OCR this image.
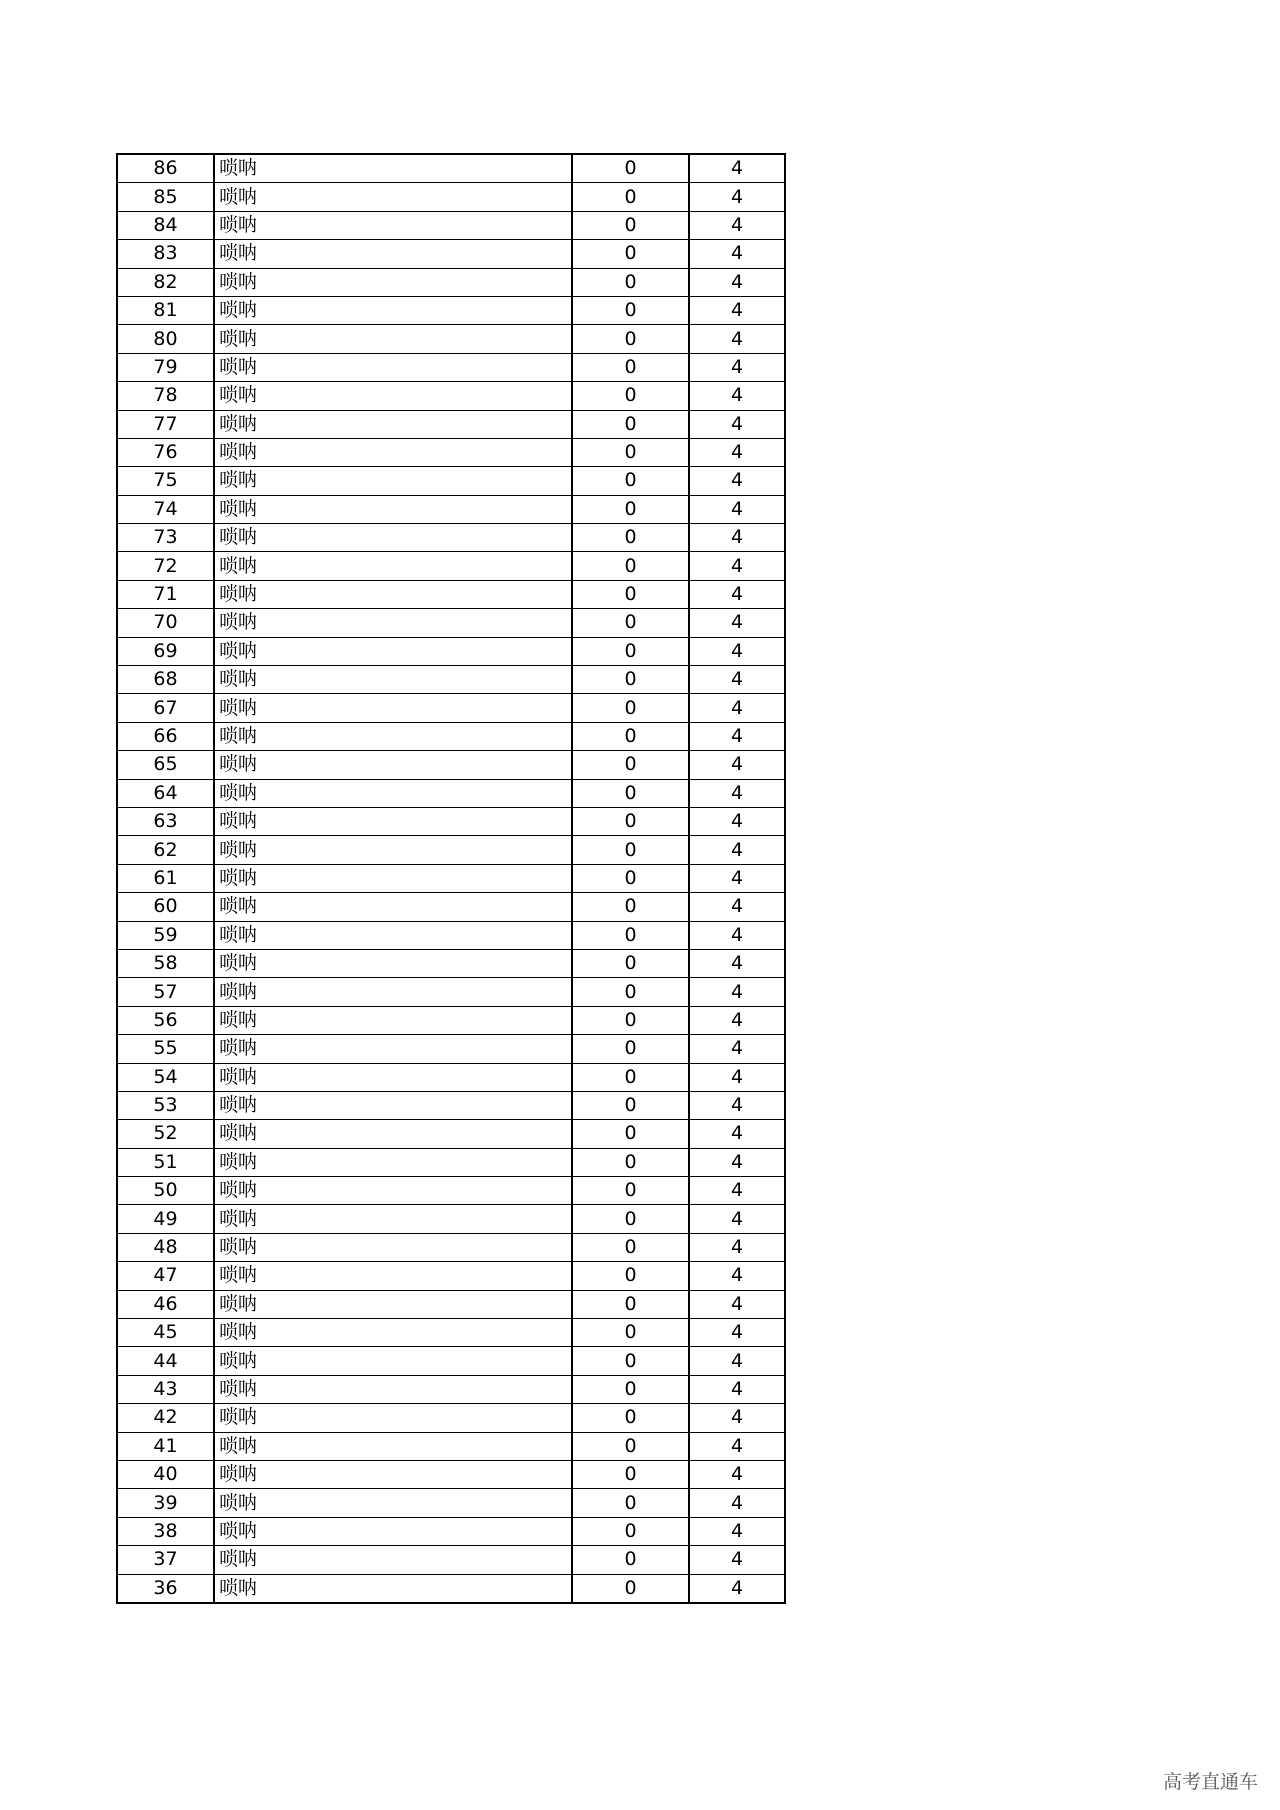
86	唢呐	0	4
85	唢呐	0	4
84	唢呐	0	4
83	唢呐	0	4
82	唢呐	0	4
81	唢呐	0	4
80	唢呐	0	4
79	唢呐	0	4
78	唢呐	0	4
77	唢呐	0	4
76	唢呐	0	4
75	唢呐	0	4
74	唢呐	0	4
73	唢呐	0	4
72	唢呐	0	4
71	唢呐	0	4
70	唢呐	0	4
69	唢呐	0	4
68	唢呐	0	4
67	唢呐	0	4
66	唢呐	0	4
65	唢呐	0	4
64	唢呐	0	4
63	唢呐	0	4
62	唢呐	0	4
61	唢呐	0	4
60	唢呐	0	4
59	唢呐	0	4
58	唢呐	0	4
57	唢呐	0	4
56	唢呐	0	4
55	唢呐	0	4
54	唢呐	0	4
53	唢呐	0	4
52	唢呐	0	4
51	唢呐	0	4
50	唢呐	0	4
49	唢呐	0	4
48	唢呐	0	4
47	唢呐	0	4
46	唢呐	0	4
45	唢呐	0	4
44	唢呐	0	4
43	唢呐	0	4
42	唢呐	0	4
41	唢呐	0	4
40	唢呐	0	4
39	唢呐	0	4
38	唢呐	0	4
37	唢呐	0	4
36	唢呐	0	4
高考直通车
